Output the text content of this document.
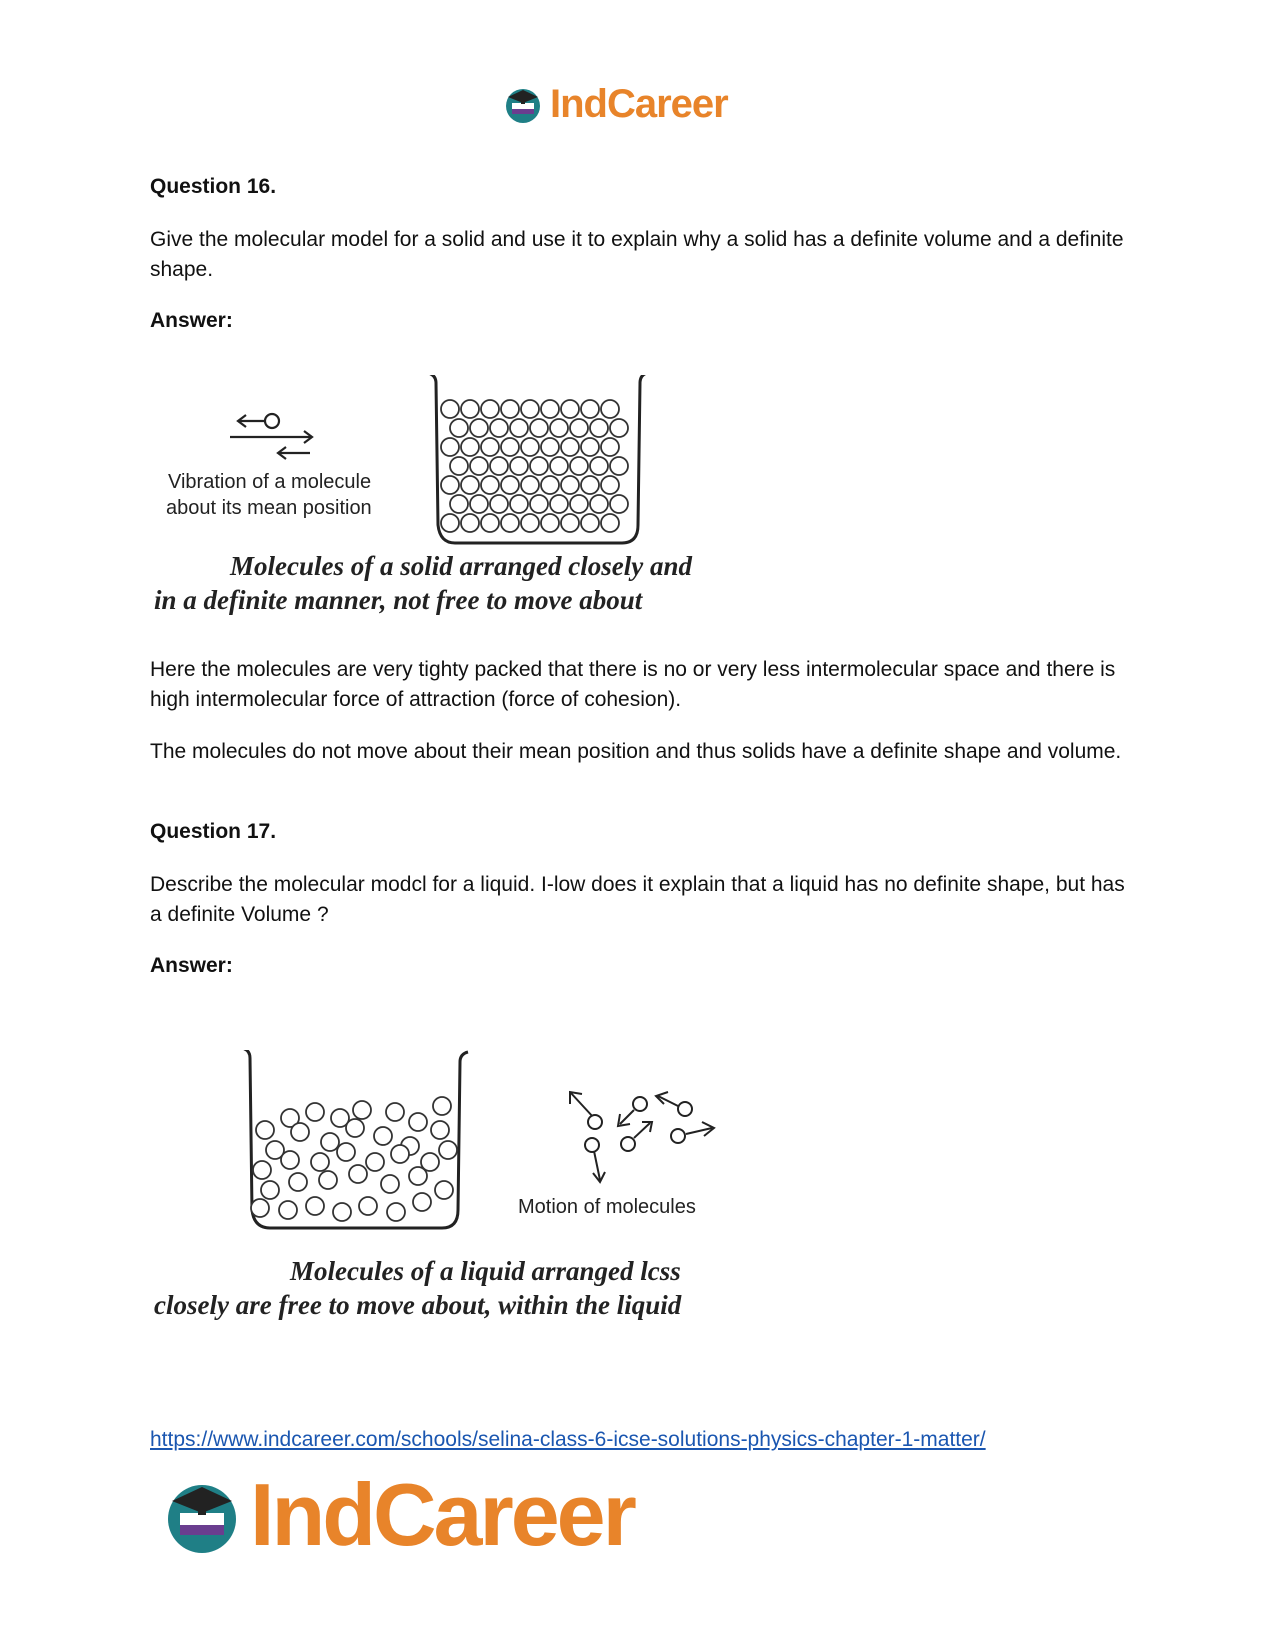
IndCareer

Question 16.

Give the molecular model for a solid and use it to explain why a solid has a definite volume and a definite shape.

Answer:

Vibration of a molecule
about its mean position
Molecules of a solid arranged closely and
in a definite manner, not free to move about

Here the molecules are very tighty packed that there is no or very less intermolecular space and there is high intermolecular force of attraction (force of cohesion).

The molecules do not move about their mean position and thus solids have a definite shape and volume.

Question 17.

Describe the molecular modcl for a liquid. I-low does it explain that a liquid has no definite shape, but has a definite Volume ?

Answer:

Motion of molecules
Molecules of a liquid arranged lcss
closely are free to move about, within the liquid
https://www.indcareer.com/schools/selina-class-6-icse-solutions-physics-chapter-1-matter/
IndCareer
